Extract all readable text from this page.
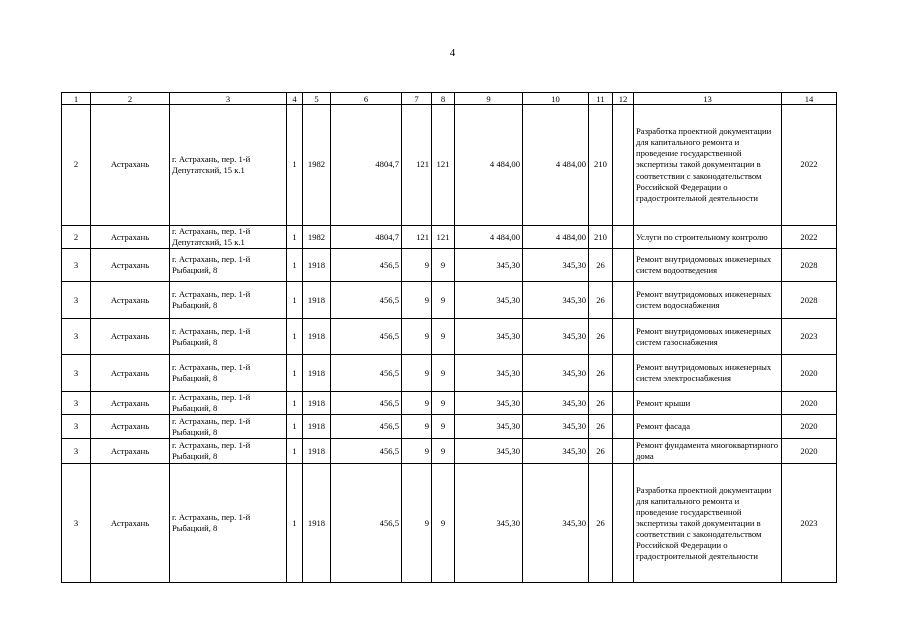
4
1	2	3	4	5	6	7	8	9	10	11	12	13	14
2	Астрахань	г. Астрахань, пер. 1-й Депутатский, 15 к.1	1	1982	4804,7	121	121	4 484,00	4 484,00	210		Разработка проектной документации для капитального ремонта и проведение государственной экспертизы такой документации в соответствии с законодательством Российской Федерации о градостроительной деятельности	2022
2	Астрахань	г. Астрахань, пер. 1-й Депутатский, 15 к.1	1	1982	4804,7	121	121	4 484,00	4 484,00	210		Услуги по строительному контролю	2022
3	Астрахань	г. Астрахань, пер. 1-й Рыбацкий, 8	1	1918	456,5	9	9	345,30	345,30	26		Ремонт внутридомовых инженерных систем водоотведения	2028
3	Астрахань	г. Астрахань, пер. 1-й Рыбацкий, 8	1	1918	456,5	9	9	345,30	345,30	26		Ремонт внутридомовых инженерных систем водоснабжения	2028
3	Астрахань	г. Астрахань, пер. 1-й Рыбацкий, 8	1	1918	456,5	9	9	345,30	345,30	26		Ремонт внутридомовых инженерных систем газоснабжения	2023
3	Астрахань	г. Астрахань, пер. 1-й Рыбацкий, 8	1	1918	456,5	9	9	345,30	345,30	26		Ремонт внутридомовых инженерных систем электроснабжения	2020
3	Астрахань	г. Астрахань, пер. 1-й Рыбацкий, 8	1	1918	456,5	9	9	345,30	345,30	26		Ремонт крыши	2020
3	Астрахань	г. Астрахань, пер. 1-й Рыбацкий, 8	1	1918	456,5	9	9	345,30	345,30	26		Ремонт фасада	2020
3	Астрахань	г. Астрахань, пер. 1-й Рыбацкий, 8	1	1918	456,5	9	9	345,30	345,30	26		Ремонт фундамента многоквартирного дома	2020
3	Астрахань	г. Астрахань, пер. 1-й Рыбацкий, 8	1	1918	456,5	9	9	345,30	345,30	26		Разработка проектной документации для капитального ремонта и проведение государственной экспертизы такой документации в соответствии с законодательством Российской Федерации о градостроительной деятельности	2023
